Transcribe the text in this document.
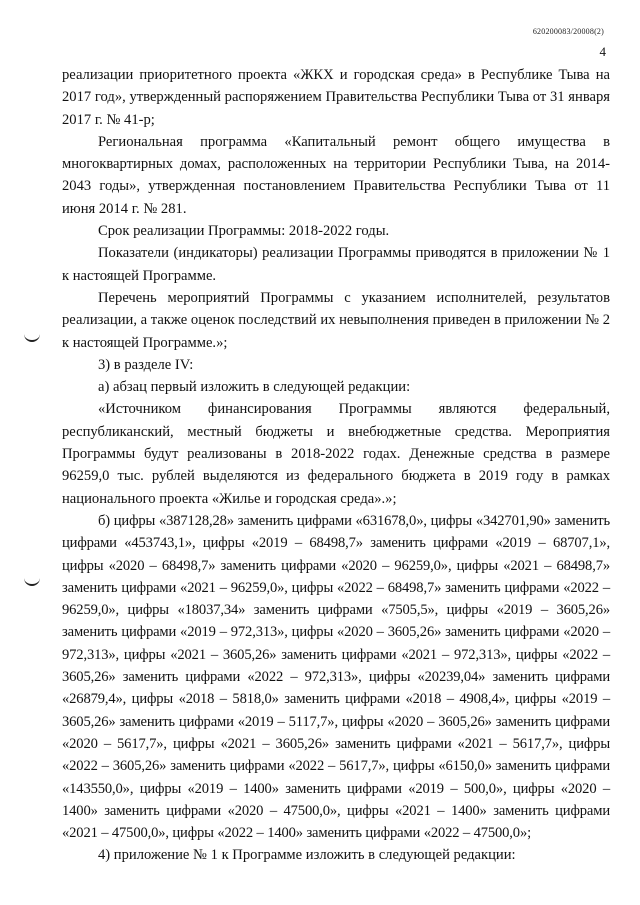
620200083/20008(2)
4

реализации приоритетного проекта «ЖКХ и городская среда» в Республике Тыва на 2017 год», утвержденный распоряжением Правительства Республики Тыва от 31 января 2017 г. № 41-р;

Региональная программа «Капитальный ремонт общего имущества в многоквартирных домах, расположенных на территории Республики Тыва, на 2014-2043 годы», утвержденная постановлением Правительства Республики Тыва от 11 июня 2014 г. № 281.

Срок реализации Программы: 2018-2022 годы.

Показатели (индикаторы) реализации Программы приводятся в приложении № 1 к настоящей Программе.

Перечень мероприятий Программы с указанием исполнителей, результатов реализации, а также оценок последствий их невыполнения приведен в приложении № 2 к настоящей Программе.»;

3) в разделе IV:

а) абзац первый изложить в следующей редакции:

«Источником финансирования Программы являются федеральный, республиканский, местный бюджеты и внебюджетные средства. Мероприятия Программы будут реализованы в 2018-2022 годах. Денежные средства в размере 96259,0 тыс. рублей выделяются из федерального бюджета в 2019 году в рамках национального проекта «Жилье и городская среда».»;

б) цифры «387128,28» заменить цифрами «631678,0», цифры «342701,90» заменить цифрами «453743,1», цифры «2019 – 68498,7» заменить цифрами «2019 – 68707,1», цифры «2020 – 68498,7» заменить цифрами «2020 – 96259,0», цифры «2021 – 68498,7» заменить цифрами «2021 – 96259,0», цифры «2022 – 68498,7» заменить цифрами «2022 – 96259,0», цифры «18037,34» заменить цифрами «7505,5», цифры «2019 – 3605,26» заменить цифрами «2019 – 972,313», цифры «2020 – 3605,26» заменить цифрами «2020 – 972,313», цифры «2021 – 3605,26» заменить цифрами «2021 – 972,313», цифры «2022 – 3605,26» заменить цифрами «2022 – 972,313», цифры «20239,04» заменить цифрами «26879,4», цифры «2018 – 5818,0» заменить цифрами «2018 – 4908,4», цифры «2019 – 3605,26» заменить цифрами «2019 – 5117,7», цифры «2020 – 3605,26» заменить цифрами «2020 – 5617,7», цифры «2021 – 3605,26» заменить цифрами «2021 – 5617,7», цифры «2022 – 3605,26» заменить цифрами «2022 – 5617,7», цифры «6150,0» заменить цифрами «143550,0», цифры «2019 – 1400» заменить цифрами «2019 – 500,0», цифры «2020 – 1400» заменить цифрами «2020 – 47500,0», цифры «2021 – 1400» заменить цифрами «2021 – 47500,0», цифры «2022 – 1400» заменить цифрами «2022 – 47500,0»;

4) приложение № 1 к Программе изложить в следующей редакции:
